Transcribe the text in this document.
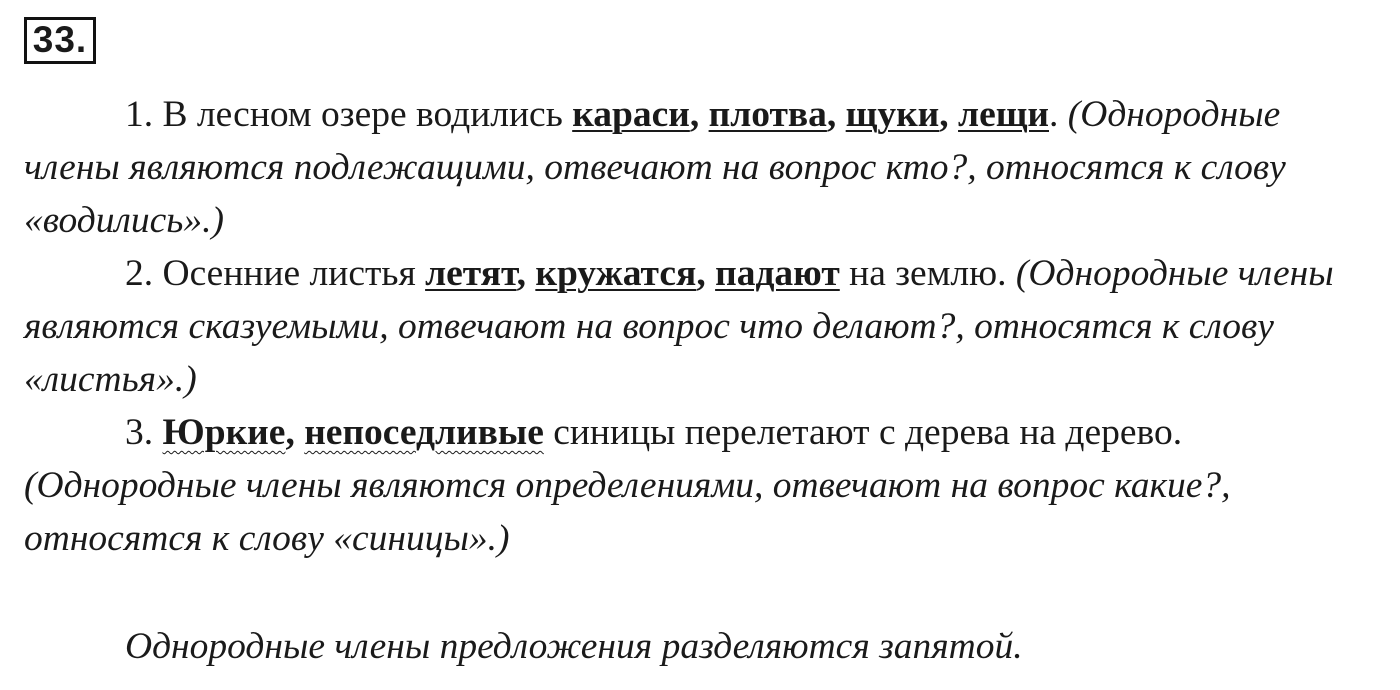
33.

1. В лесном озере водились караси, плотва, щуки, лещи. (Однородные члены являются подлежащими, отвечают на вопрос кто?, относятся к слову «водились».)

2. Осенние листья летят, кружатся, падают на землю. (Однородные члены являются сказуемыми, отвечают на вопрос что делают?, относятся к слову «листья».)

3. Юркие, непоседливые синицы перелетают с дерева на дерево. (Однородные члены являются определениями, отвечают на вопрос какие?, относятся к слову «синицы».)

Однородные члены предложения разделяются запятой.
